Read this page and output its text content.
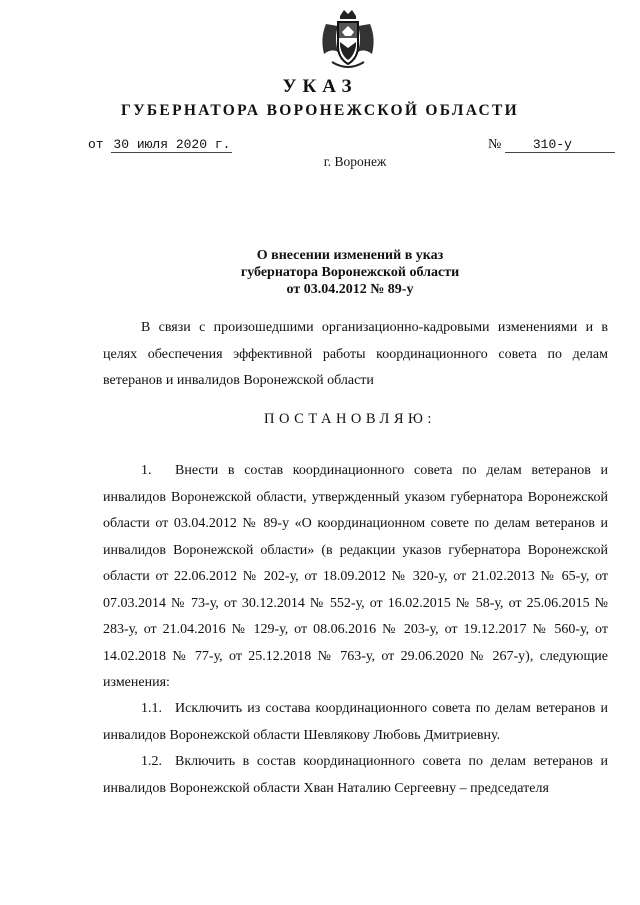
УКАЗ
ГУБЕРНАТОРА ВОРОНЕЖСКОЙ ОБЛАСТИ
от 30 июля 2020 г.	№ 310-у
г. Воронеж
О внесении изменений в указ
губернатора Воронежской области
от 03.04.2012 № 89-у
В связи с произошедшими организационно-кадровыми изменениями и в целях обеспечения эффективной работы координационного совета по делам ветеранов и инвалидов Воронежской области
ПОСТАНОВЛЯЮ:
1. Внести в состав координационного совета по делам ветеранов и инвалидов Воронежской области, утвержденный указом губернатора Воронежской области от 03.04.2012 № 89-у «О координационном совете по делам ветеранов и инвалидов Воронежской области» (в редакции указов губернатора Воронежской области от 22.06.2012 № 202-у, от 18.09.2012 № 320-у, от 21.02.2013 № 65-у, от 07.03.2014 № 73-у, от 30.12.2014 № 552-у, от 16.02.2015 № 58-у, от 25.06.2015 № 283-у, от 21.04.2016 № 129-у, от 08.06.2016 № 203-у, от 19.12.2017 № 560-у, от 14.02.2018 № 77-у, от 25.12.2018 № 763-у, от 29.06.2020 № 267-у), следующие изменения:
1.1. Исключить из состава координационного совета по делам ветеранов и инвалидов Воронежской области Шевлякову Любовь Дмитриевну.
1.2. Включить в состав координационного совета по делам ветеранов и инвалидов Воронежской области Хван Наталию Сергеевну – председателя
